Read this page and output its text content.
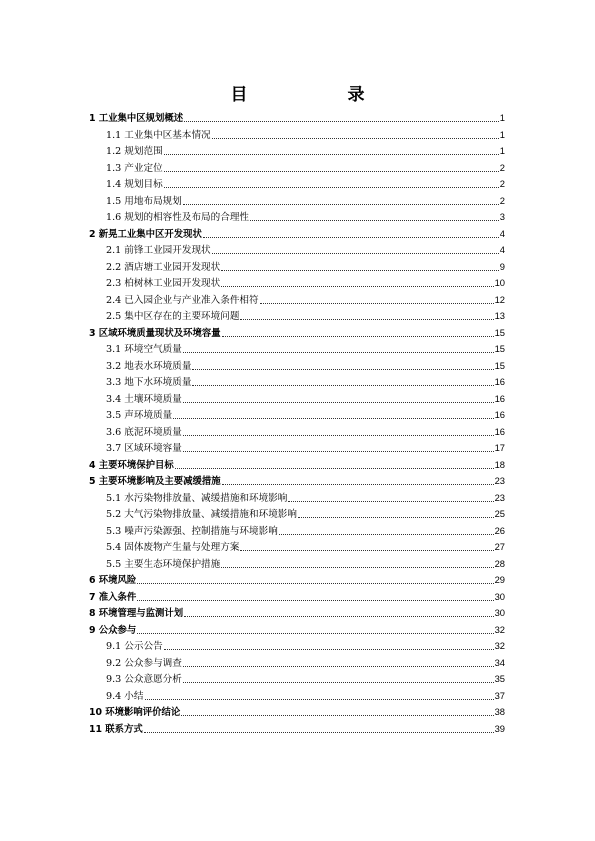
目　　录
1 工业集中区规划概述	1
1.1 工业集中区基本情况	1
1.2 规划范围	1
1.3 产业定位	2
1.4 规划目标	2
1.5 用地布局规划	2
1.6 规划的相容性及布局的合理性	3
2 新晃工业集中区开发现状	4
2.1 前锋工业园开发现状	4
2.2 酒店塘工业园开发现状	9
2.3 柏树林工业园开发现状	10
2.4 已入园企业与产业准入条件相符	12
2.5 集中区存在的主要环境问题	13
3 区域环境质量现状及环境容量	15
3.1 环境空气质量	15
3.2 地表水环境质量	15
3.3 地下水环境质量	16
3.4 土壤环境质量	16
3.5 声环境质量	16
3.6 底泥环境质量	16
3.7 区域环境容量	17
4 主要环境保护目标	18
5 主要环境影响及主要减缓措施	23
5.1 水污染物排放量、减缓措施和环境影响	23
5.2 大气污染物排放量、减缓措施和环境影响	25
5.3 噪声污染源强、控制措施与环境影响	26
5.4 固体废物产生量与处理方案	27
5.5 主要生态环境保护措施	28
6 环境风险	29
7 准入条件	30
8 环境管理与监测计划	30
9 公众参与	32
9.1 公示公告	32
9.2 公众参与调查	34
9.3 公众意愿分析	35
9.4 小结	37
10 环境影响评价结论	38
11 联系方式	39
